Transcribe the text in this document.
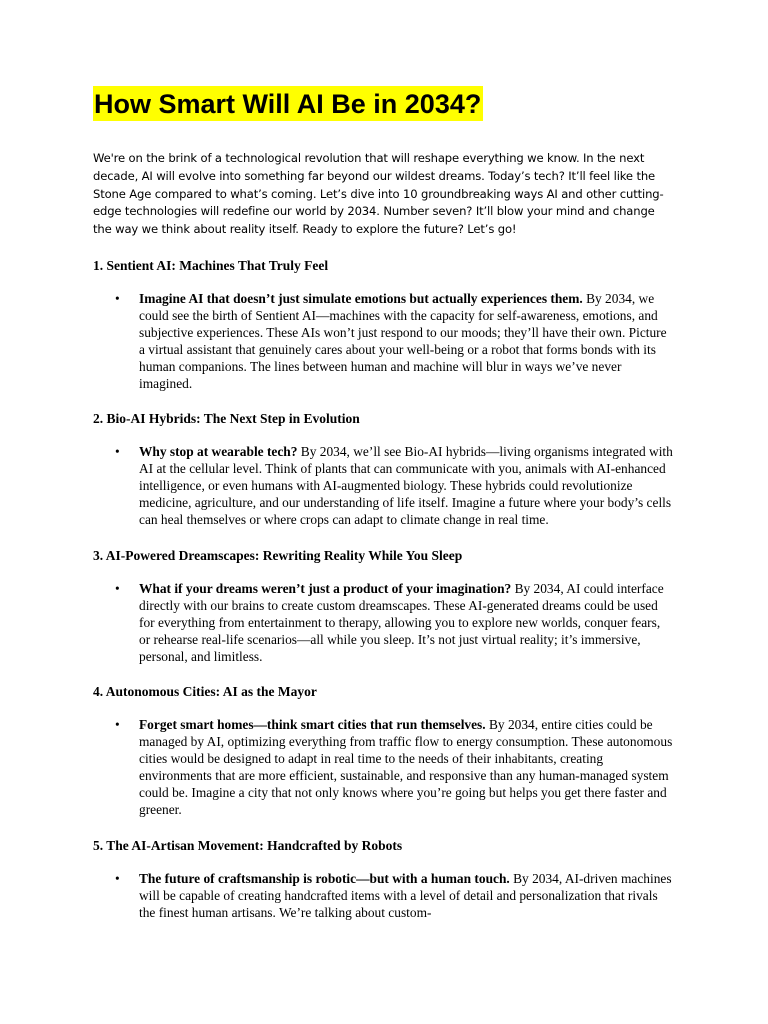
How Smart Will AI Be in 2034?

We're on the brink of a technological revolution that will reshape everything we know. In the next decade, AI will evolve into something far beyond our wildest dreams. Today’s tech? It’ll feel like the Stone Age compared to what’s coming. Let’s dive into 10 groundbreaking ways AI and other cutting-edge technologies will redefine our world by 2034. Number seven? It’ll blow your mind and change the way we think about reality itself. Ready to explore the future? Let’s go!

1. Sentient AI: Machines That Truly Feel

• Imagine AI that doesn’t just simulate emotions but actually experiences them. By 2034, we could see the birth of Sentient AI—machines with the capacity for self-awareness, emotions, and subjective experiences. These AIs won’t just respond to our moods; they’ll have their own. Picture a virtual assistant that genuinely cares about your well-being or a robot that forms bonds with its human companions. The lines between human and machine will blur in ways we’ve never imagined.

2. Bio-AI Hybrids: The Next Step in Evolution

• Why stop at wearable tech? By 2034, we’ll see Bio-AI hybrids—living organisms integrated with AI at the cellular level. Think of plants that can communicate with you, animals with AI-enhanced intelligence, or even humans with AI-augmented biology. These hybrids could revolutionize medicine, agriculture, and our understanding of life itself. Imagine a future where your body’s cells can heal themselves or where crops can adapt to climate change in real time.

3. AI-Powered Dreamscapes: Rewriting Reality While You Sleep

• What if your dreams weren’t just a product of your imagination? By 2034, AI could interface directly with our brains to create custom dreamscapes. These AI-generated dreams could be used for everything from entertainment to therapy, allowing you to explore new worlds, conquer fears, or rehearse real-life scenarios—all while you sleep. It’s not just virtual reality; it’s immersive, personal, and limitless.

4. Autonomous Cities: AI as the Mayor

• Forget smart homes—think smart cities that run themselves. By 2034, entire cities could be managed by AI, optimizing everything from traffic flow to energy consumption. These autonomous cities would be designed to adapt in real time to the needs of their inhabitants, creating environments that are more efficient, sustainable, and responsive than any human-managed system could be. Imagine a city that not only knows where you’re going but helps you get there faster and greener.

5. The AI-Artisan Movement: Handcrafted by Robots

• The future of craftsmanship is robotic—but with a human touch. By 2034, AI-driven machines will be capable of creating handcrafted items with a level of detail and personalization that rivals the finest human artisans. We’re talking about custom-
